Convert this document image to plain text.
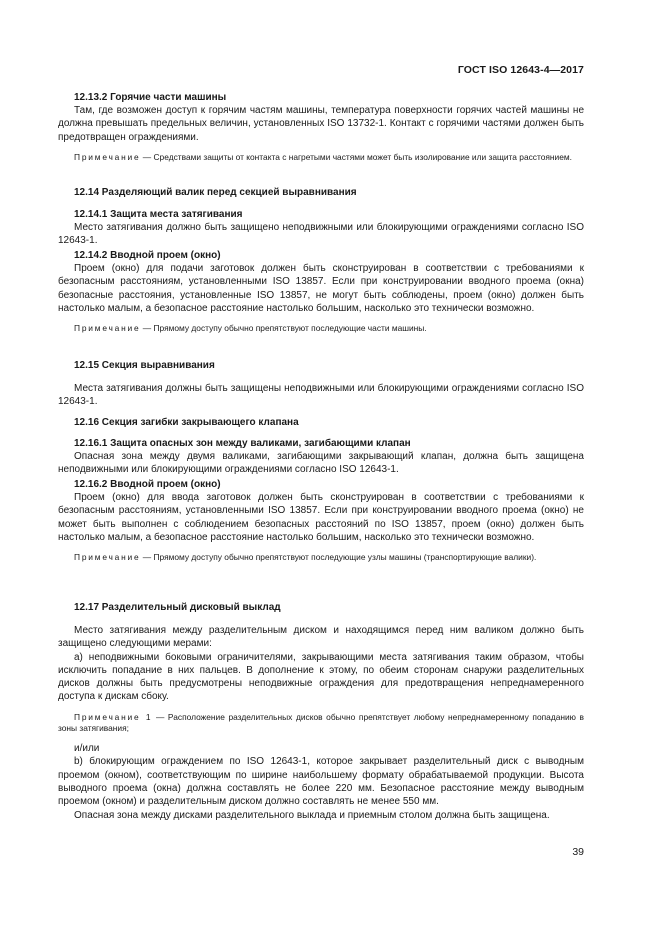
ГОСТ ISO 12643-4—2017
12.13.2 Горячие части машины

Там, где возможен доступ к горячим частям машины, температура поверхности горячих частей машины не должна превышать предельных величин, установленных ISO 13732-1. Контакт с горячими частями должен быть предотвращен ограждениями.

Примечание — Средствами защиты от контакта с нагретыми частями может быть изолирование или защита расстоянием.

12.14 Разделяющий валик перед секцией выравнивания
12.14.1 Защита места затягивания

Место затягивания должно быть защищено неподвижными или блокирующими ограждениями согласно ISO 12643-1.

12.14.2 Вводной проем (окно)

Проем (окно) для подачи заготовок должен быть сконструирован в соответствии с требованиями к безопасным расстояниям, установленными ISO 13857. Если при конструировании вводного проема (окна) безопасные расстояния, установленные ISO 13857, не могут быть соблюдены, проем (окно) должен быть настолько малым, а безопасное расстояние настолько большим, насколько это технически возможно.

Примечание — Прямому доступу обычно препятствуют последующие части машины.

12.15 Секция выравнивания

Места затягивания должны быть защищены неподвижными или блокирующими ограждениями согласно ISO 12643-1.

12.16 Секция загибки закрывающего клапана
12.16.1 Защита опасных зон между валиками, загибающими клапан

Опасная зона между двумя валиками, загибающими закрывающий клапан, должна быть защищена неподвижными или блокирующими ограждениями согласно ISO 12643-1.

12.16.2 Вводной проем (окно)

Проем (окно) для ввода заготовок должен быть сконструирован в соответствии с требованиями к безопасным расстояниям, установленными ISO 13857. Если при конструировании вводного проема (окно) не может быть выполнен с соблюдением безопасных расстояний по ISO 13857, проем (окно) должен быть настолько малым, а безопасное расстояние настолько большим, насколько это технически возможно.

Примечание — Прямому доступу обычно препятствуют последующие узлы машины (транспортирующие валики).

12.17 Разделительный дисковый выклад

Место затягивания между разделительным диском и находящимся перед ним валиком должно быть защищено следующими мерами:

а) неподвижными боковыми ограничителями, закрывающими места затягивания таким образом, чтобы исключить попадание в них пальцев. В дополнение к этому, по обеим сторонам снаружи разделительных дисков должны быть предусмотрены неподвижные ограждения для предотвращения непреднамеренного доступа к дискам сбоку.

Примечание 1 — Расположение разделительных дисков обычно препятствует любому непреднамеренному попаданию в зоны затягивания;

и/или

b) блокирующим ограждением по ISO 12643-1, которое закрывает разделительный диск с выводным проемом (окном), соответствующим по ширине наибольшему формату обрабатываемой продукции. Высота выводного проема (окна) должна составлять не более 220 мм. Безопасное расстояние между выводным проемом (окном) и разделительным диском должно составлять не менее 550 мм.

Опасная зона между дисками разделительного выклада и приемным столом должна быть защищена.

39
